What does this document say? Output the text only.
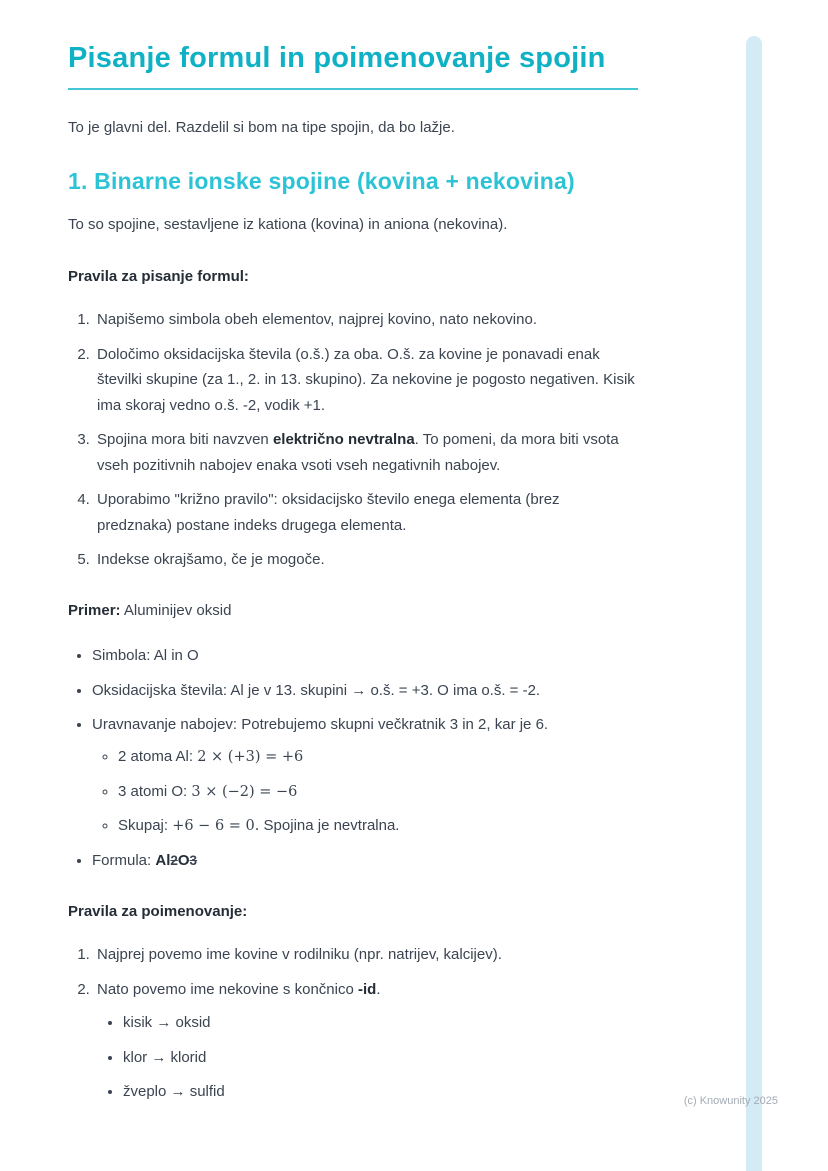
Pisanje formul in poimenovanje spojin

To je glavni del. Razdelil si bom na tipe spojin, da bo lažje.

1. Binarne ionske spojine (kovina + nekovina)

To so spojine, sestavljene iz kationa (kovina) in aniona (nekovina).

Pravila za pisanje formul:

1. Napišemo simbola obeh elementov, najprej kovino, nato nekovino.
2. Določimo oksidacijska števila (o.š.) za oba. O.š. za kovine je ponavadi enak številki skupine (za 1., 2. in 13. skupino). Za nekovine je pogosto negativen. Kisik ima skoraj vedno o.š. -2, vodik +1.
3. Spojina mora biti navzven električno nevtralna. To pomeni, da mora biti vsota vseh pozitivnih nabojev enaka vsoti vseh negativnih nabojev.
4. Uporabimo "križno pravilo": oksidacijsko število enega elementa (brez predznaka) postane indeks drugega elementa.
5. Indekse okrajšamo, če je mogoče.

Primer: Aluminijev oksid

• Simbola: Al in O
• Oksidacijska števila: Al je v 13. skupini → o.š. = +3. O ima o.š. = -2.
• Uravnavanje nabojev: Potrebujemo skupni večkratnik 3 in 2, kar je 6.
◦ 2 atoma Al: 2 × (+3) = +6
◦ 3 atomi O: 3 × (−2) = −6
◦ Skupaj: +6 − 6 = 0. Spojina je nevtralna.
• Formula: Al2O3

Pravila za poimenovanje:

1. Najprej povemo ime kovine v rodilniku (npr. natrijev, kalcijev).
2. Nato povemo ime nekovine s končnico -id.
• kisik → oksid
• klor → klorid
• žveplo → sulfid
(c) Knowunity 2025
